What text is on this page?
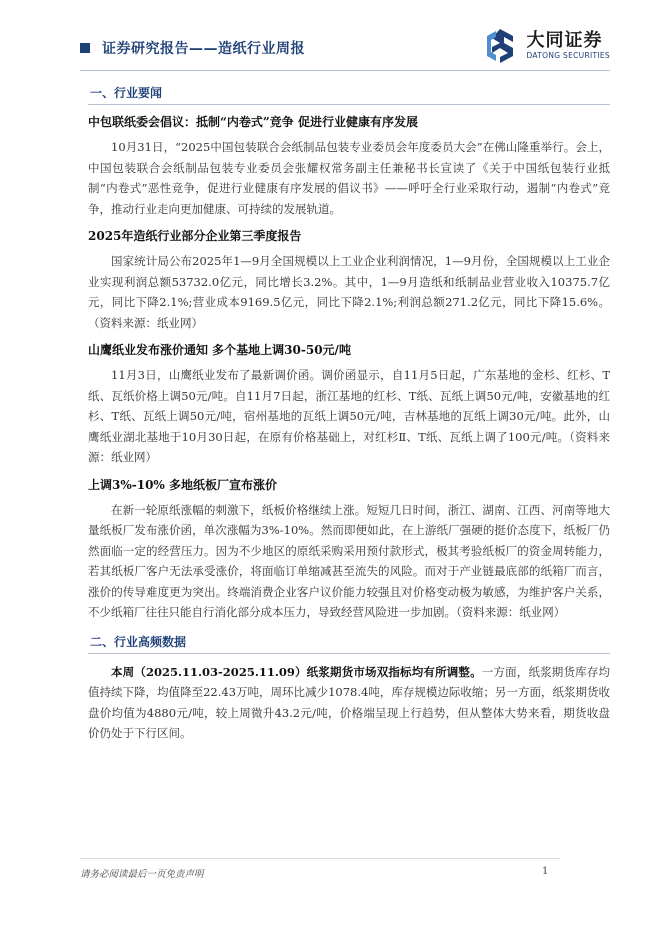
证券研究报告——造纸行业周报	大同证券
DATONG SECURITIES
一、行业要闻
中包联纸委会倡议：抵制“内卷式”竞争 促进行业健康有序发展

10月31日，“2025中国包装联合会纸制品包装专业委员会年度委员大会”在佛山隆重举行。会上，中国包装联合会纸制品包装专业委员会张耀权常务副主任兼秘书长宣读了《关于中国纸包装行业抵制“内卷式”恶性竞争，促进行业健康有序发展的倡议书》——呼吁全行业采取行动，遏制“内卷式”竞争，推动行业走向更加健康、可持续的发展轨道。

2025年造纸行业部分企业第三季度报告

国家统计局公布2025年1—9月全国规模以上工业企业利润情况，1—9月份，全国规模以上工业企业实现利润总额53732.0亿元，同比增长3.2%。其中，1—9月造纸和纸制品业营业收入10375.7亿元，同比下降2.1%;营业成本9169.5亿元，同比下降2.1%;利润总额271.2亿元，同比下降15.6%。（资料来源：纸业网）

山鹰纸业发布涨价通知 多个基地上调30-50元/吨

11月3日，山鹰纸业发布了最新调价函。调价函显示，自11月5日起，广东基地的金杉、红杉、T纸、瓦纸价格上调50元/吨。自11月7日起，浙江基地的红杉、T纸、瓦纸上调50元/吨，安徽基地的红杉、T纸、瓦纸上调50元/吨，宿州基地的瓦纸上调50元/吨，吉林基地的瓦纸上调30元/吨。此外，山鹰纸业湖北基地于10月30日起，在原有价格基础上，对红杉Ⅱ、T纸、瓦纸上调了100元/吨。（资料来源：纸业网）

上调3%-10% 多地纸板厂宣布涨价

在新一轮原纸涨幅的刺激下，纸板价格继续上涨。短短几日时间，浙江、湖南、江西、河南等地大量纸板厂发布涨价函，单次涨幅为3%-10%。然而即便如此，在上游纸厂强硬的挺价态度下，纸板厂仍然面临一定的经营压力。因为不少地区的原纸采购采用预付款形式，极其考验纸板厂的资金周转能力，若其纸板厂客户无法承受涨价，将面临订单缩减甚至流失的风险。而对于产业链最底部的纸箱厂而言，涨价的传导难度更为突出。终端消费企业客户议价能力较强且对价格变动极为敏感，为维护客户关系，不少纸箱厂往往只能自行消化部分成本压力，导致经营风险进一步加剧。（资料来源：纸业网）

二、行业高频数据

本周（2025.11.03-2025.11.09）纸浆期货市场双指标均有所调整。一方面，纸浆期货库存均值持续下降，均值降至22.43万吨，周环比减少1078.4吨，库存规模边际收缩；另一方面，纸浆期货收盘价均值为4880元/吨，较上周微升43.2元/吨，价格端呈现上行趋势，但从整体大势来看，期货收盘价仍处于下行区间。

请务必阅读最后一页免责声明	1
